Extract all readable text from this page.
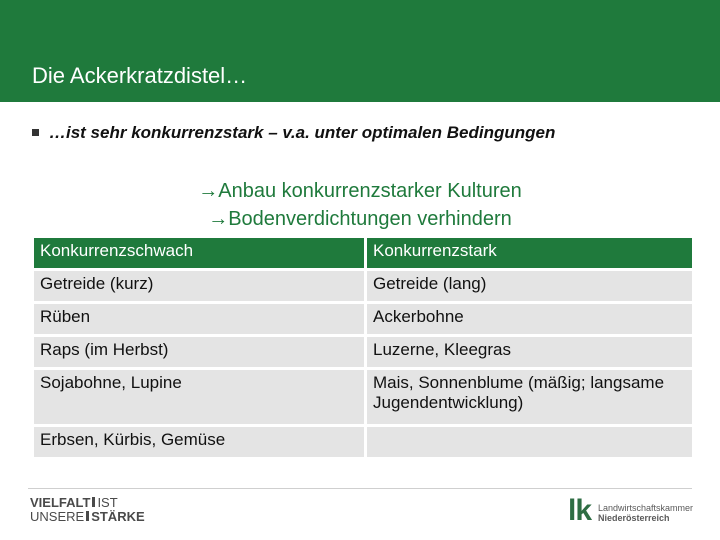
Die Ackerkratzdistel…
…ist sehr konkurrenzstark – v.a. unter optimalen Bedingungen
→Anbau konkurrenzstarker Kulturen
→Bodenverdichtungen verhindern
Konkurrenzschwach	Konkurrenzstark
Getreide (kurz)	Getreide (lang)
Rüben	Ackerbohne
Raps (im Herbst)	Luzerne, Kleegras
Sojabohne, Lupine	Mais, Sonnenblume (mäßig; langsame Jugendentwicklung)
Erbsen, Kürbis, Gemüse	
VIELFALT IST
UNSERE STÄRKE	lk Landwirtschaftskammer
Niederösterreich
